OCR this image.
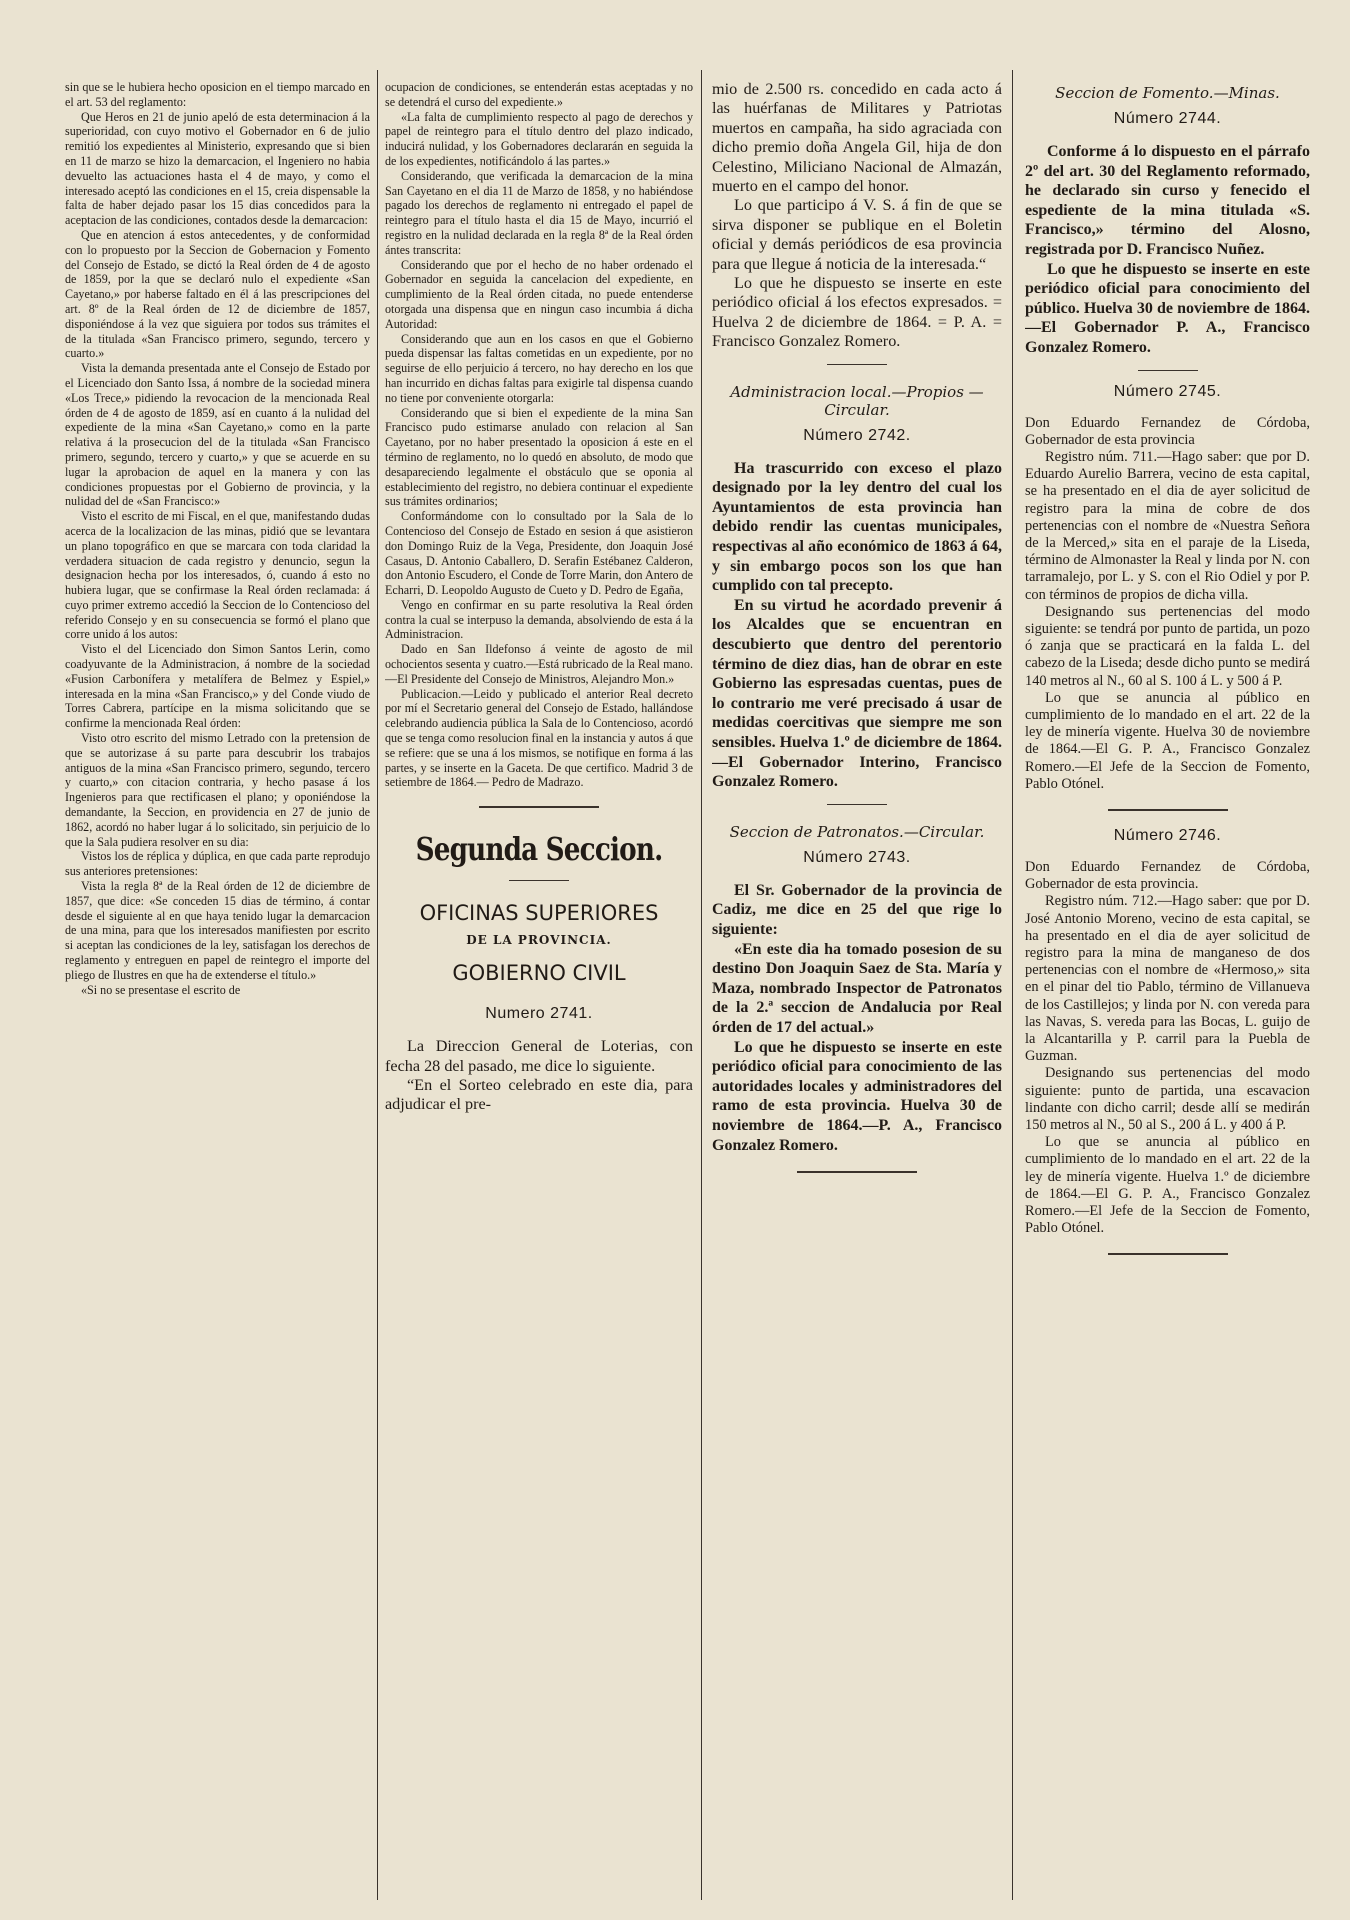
sin que se le hubiera hecho oposicion en el tiempo marcado en el art. 53 del reglamento:

Que Heros en 21 de junio apeló de esta determinacion á la superioridad, con cuyo motivo el Gobernador en 6 de julio remitió los expedientes al Ministerio, expresando que si bien en 11 de marzo se hizo la demarcacion, el Ingeniero no habia devuelto las actuaciones hasta el 4 de mayo, y como el interesado aceptó las condiciones en el 15, creia dispensable la falta de haber dejado pasar los 15 dias concedidos para la aceptacion de las condiciones, contados desde la demarcacion:

Que en atencion á estos antecedentes, y de conformidad con lo propuesto por la Seccion de Gobernacion y Fomento del Consejo de Estado, se dictó la Real órden de 4 de agosto de 1859, por la que se declaró nulo el expediente «San Cayetano,» por haberse faltado en él á las prescripciones del art. 8º de la Real órden de 12 de diciembre de 1857, disponiéndose á la vez que siguiera por todos sus trámites el de la titulada «San Francisco primero, segundo, tercero y cuarto.»

Vista la demanda presentada ante el Consejo de Estado por el Licenciado don Santo Issa, á nombre de la sociedad minera «Los Trece,» pidiendo la revocacion de la mencionada Real órden de 4 de agosto de 1859, así en cuanto á la nulidad del expediente de la mina «San Cayetano,» como en la parte relativa á la prosecucion del de la titulada «San Francisco primero, segundo, tercero y cuarto,» y que se acuerde en su lugar la aprobacion de aquel en la manera y con las condiciones propuestas por el Gobierno de provincia, y la nulidad del de «San Francisco:»

Visto el escrito de mi Fiscal, en el que, manifestando dudas acerca de la localizacion de las minas, pidió que se levantara un plano topográfico en que se marcara con toda claridad la verdadera situacion de cada registro y denuncio, segun la designacion hecha por los interesados, ó, cuando á esto no hubiera lugar, que se confirmase la Real órden reclamada: á cuyo primer extremo accedió la Seccion de lo Contencioso del referido Consejo y en su consecuencia se formó el plano que corre unido á los autos:

Visto el del Licenciado don Simon Santos Lerin, como coadyuvante de la Administracion, á nombre de la sociedad «Fusion Carbonífera y metalífera de Belmez y Espiel,» interesada en la mina «San Francisco,» y del Conde viudo de Torres Cabrera, partícipe en la misma solicitando que se confirme la mencionada Real órden:

Visto otro escrito del mismo Letrado con la pretension de que se autorizase á su parte para descubrir los trabajos antiguos de la mina «San Francisco primero, segundo, tercero y cuarto,» con citacion contraria, y hecho pasase á los Ingenieros para que rectificasen el plano; y oponiéndose la demandante, la Seccion, en providencia en 27 de junio de 1862, acordó no haber lugar á lo solicitado, sin perjuicio de lo que la Sala pudiera resolver en su dia:

Vistos los de réplica y dúplica, en que cada parte reprodujo sus anteriores pretensiones:

Vista la regla 8ª de la Real órden de 12 de diciembre de 1857, que dice: «Se conceden 15 dias de término, á contar desde el siguiente al en que haya tenido lugar la demarcacion de una mina, para que los interesados manifiesten por escrito si aceptan las condiciones de la ley, satisfagan los derechos de reglamento y entreguen en papel de reintegro el importe del pliego de Ilustres en que ha de extenderse el título.»

«Si no se presentase el escrito de

ocupacion de condiciones, se entenderán estas aceptadas y no se detendrá el curso del expediente.»

«La falta de cumplimiento respecto al pago de derechos y papel de reintegro para el título dentro del plazo indicado, inducirá nulidad, y los Gobernadores declararán en seguida la de los expedientes, notificándolo á las partes.»

Considerando, que verificada la demarcacion de la mina San Cayetano en el dia 11 de Marzo de 1858, y no habiéndose pagado los derechos de reglamento ni entregado el papel de reintegro para el título hasta el dia 15 de Mayo, incurrió el registro en la nulidad declarada en la regla 8ª de la Real órden ántes transcrita:

Considerando que por el hecho de no haber ordenado el Gobernador en seguida la cancelacion del expediente, en cumplimiento de la Real órden citada, no puede entenderse otorgada una dispensa que en ningun caso incumbia á dicha Autoridad:

Considerando que aun en los casos en que el Gobierno pueda dispensar las faltas cometidas en un expediente, por no seguirse de ello perjuicio á tercero, no hay derecho en los que han incurrido en dichas faltas para exigirle tal dispensa cuando no tiene por conveniente otorgarla:

Considerando que si bien el expediente de la mina San Francisco pudo estimarse anulado con relacion al San Cayetano, por no haber presentado la oposicion á este en el término de reglamento, no lo quedó en absoluto, de modo que desapareciendo legalmente el obstáculo que se oponia al establecimiento del registro, no debiera continuar el expediente sus trámites ordinarios;

Conformándome con lo consultado por la Sala de lo Contencioso del Consejo de Estado en sesion á que asistieron don Domingo Ruiz de la Vega, Presidente, don Joaquin José Casaus, D. Antonio Caballero, D. Serafin Estébanez Calderon, don Antonio Escudero, el Conde de Torre Marin, don Antero de Echarri, D. Leopoldo Augusto de Cueto y D. Pedro de Egaña,

Vengo en confirmar en su parte resolutiva la Real órden contra la cual se interpuso la demanda, absolviendo de esta á la Administracion.

Dado en San Ildefonso á veinte de agosto de mil ochocientos sesenta y cuatro.—Está rubricado de la Real mano.—El Presidente del Consejo de Ministros, Alejandro Mon.»

Publicacion.—Leido y publicado el anterior Real decreto por mí el Secretario general del Consejo de Estado, hallándose celebrando audiencia pública la Sala de lo Contencioso, acordó que se tenga como resolucion final en la instancia y autos á que se refiere: que se una á los mismos, se notifique en forma á las partes, y se inserte en la Gaceta. De que certifico. Madrid 3 de setiembre de 1864.— Pedro de Madrazo.

Segunda Seccion.
OFICINAS SUPERIORES
DE LA PROVINCIA.
GOBIERNO CIVIL
Numero 2741.

La Direccion General de Loterias, con fecha 28 del pasado, me dice lo siguiente.

“En el Sorteo celebrado en este dia, para adjudicar el pre-

mio de 2.500 rs. concedido en cada acto á las huérfanas de Militares y Patriotas muertos en campaña, ha sido agraciada con dicho premio doña Angela Gil, hija de don Celestino, Miliciano Nacional de Almazán, muerto en el campo del honor.

Lo que participo á V. S. á fin de que se sirva disponer se publique en el Boletin oficial y demás periódicos de esa provincia para que llegue á noticia de la interesada.“

Lo que he dispuesto se inserte en este periódico oficial á los efectos expresados. = Huelva 2 de diciembre de 1864. = P. A. = Francisco Gonzalez Romero.

Administracion local.—Propios —Circular.
Número 2742.

Ha trascurrido con exceso el plazo designado por la ley dentro del cual los Ayuntamientos de esta provincia han debido rendir las cuentas municipales, respectivas al año económico de 1863 á 64, y sin embargo pocos son los que han cumplido con tal precepto.

En su virtud he acordado prevenir á los Alcaldes que se encuentran en descubierto que dentro del perentorio término de diez dias, han de obrar en este Gobierno las espresadas cuentas, pues de lo contrario me veré precisado á usar de medidas coercitivas que siempre me son sensibles. Huelva 1.º de diciembre de 1864.—El Gobernador Interino, Francisco Gonzalez Romero.

Seccion de Patronatos.—Circular.
Número 2743.

El Sr. Gobernador de la provincia de Cadiz, me dice en 25 del que rige lo siguiente:

«En este dia ha tomado posesion de su destino Don Joaquin Saez de Sta. María y Maza, nombrado Inspector de Patronatos de la 2.ª seccion de Andalucia por Real órden de 17 del actual.»

Lo que he dispuesto se inserte en este periódico oficial para conocimiento de las autoridades locales y administradores del ramo de esta provincia. Huelva 30 de noviembre de 1864.—P. A., Francisco Gonzalez Romero.

Seccion de Fomento.—Minas.
Número 2744.

Conforme á lo dispuesto en el párrafo 2º del art. 30 del Reglamento reformado, he declarado sin curso y fenecido el espediente de la mina titulada «S. Francisco,» término del Alosno, registrada por D. Francisco Nuñez.

Lo que he dispuesto se inserte en este periódico oficial para conocimiento del público. Huelva 30 de noviembre de 1864.—El Gobernador P. A., Francisco Gonzalez Romero.

Número 2745.

Don Eduardo Fernandez de Córdoba, Gobernador de esta provincia

Registro núm. 711.—Hago saber: que por D. Eduardo Aurelio Barrera, vecino de esta capital, se ha presentado en el dia de ayer solicitud de registro para la mina de cobre de dos pertenencias con el nombre de «Nuestra Señora de la Merced,» sita en el paraje de la Liseda, término de Almonaster la Real y linda por N. con tarramalejo, por L. y S. con el Rio Odiel y por P. con términos de propios de dicha villa.

Designando sus pertenencias del modo siguiente: se tendrá por punto de partida, un pozo ó zanja que se practicará en la falda L. del cabezo de la Liseda; desde dicho punto se medirá 140 metros al N., 60 al S. 100 á L. y 500 á P.

Lo que se anuncia al público en cumplimiento de lo mandado en el art. 22 de la ley de minería vigente. Huelva 30 de noviembre de 1864.—El G. P. A., Francisco Gonzalez Romero.—El Jefe de la Seccion de Fomento, Pablo Otónel.

Número 2746.

Don Eduardo Fernandez de Córdoba, Gobernador de esta provincia.

Registro núm. 712.—Hago saber: que por D. José Antonio Moreno, vecino de esta capital, se ha presentado en el dia de ayer solicitud de registro para la mina de manganeso de dos pertenencias con el nombre de «Hermoso,» sita en el pinar del tio Pablo, término de Villanueva de los Castillejos; y linda por N. con vereda para las Navas, S. vereda para las Bocas, L. guijo de la Alcantarilla y P. carril para la Puebla de Guzman.

Designando sus pertenencias del modo siguiente: punto de partida, una escavacion lindante con dicho carril; desde allí se medirán 150 metros al N., 50 al S., 200 á L. y 400 á P.

Lo que se anuncia al público en cumplimiento de lo mandado en el art. 22 de la ley de minería vigente. Huelva 1.º de diciembre de 1864.—El G. P. A., Francisco Gonzalez Romero.—El Jefe de la Seccion de Fomento, Pablo Otónel.
